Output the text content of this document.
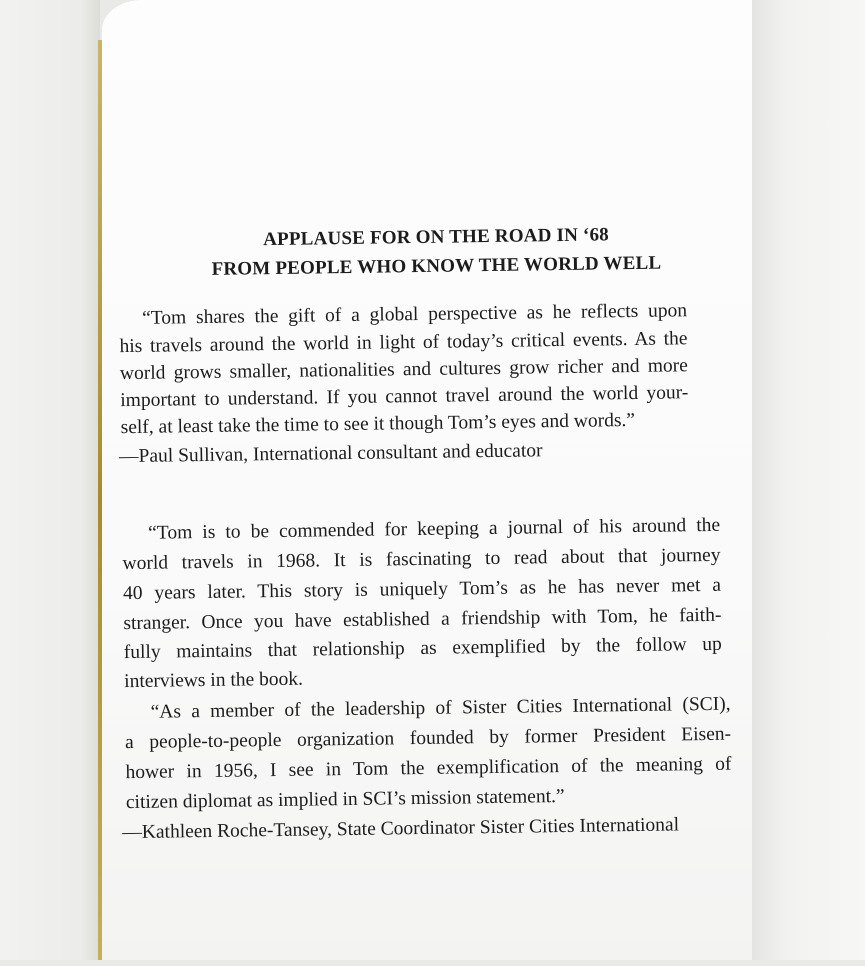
APPLAUSE FOR ON THE ROAD IN ‘68
FROM PEOPLE WHO KNOW THE WORLD WELL
“Tom shares the gift of a global perspective as he reflects upon
his travels around the world in light of today’s critical events. As the
world grows smaller, nationalities and cultures grow richer and more
important to understand. If you cannot travel around the world your-
self, at least take the time to see it though Tom’s eyes and words.”
—Paul Sullivan, International consultant and educator
“Tom is to be commended for keeping a journal of his around the
world travels in 1968. It is fascinating to read about that journey
40 years later. This story is uniquely Tom’s as he has never met a
stranger. Once you have established a friendship with Tom, he faith-
fully maintains that relationship as exemplified by the follow up
interviews in the book.
“As a member of the leadership of Sister Cities International (SCI),
a people-to-people organization founded by former President Eisen-
hower in 1956, I see in Tom the exemplification of the meaning of
citizen diplomat as implied in SCI’s mission statement.”
—Kathleen Roche-Tansey, State Coordinator Sister Cities International
